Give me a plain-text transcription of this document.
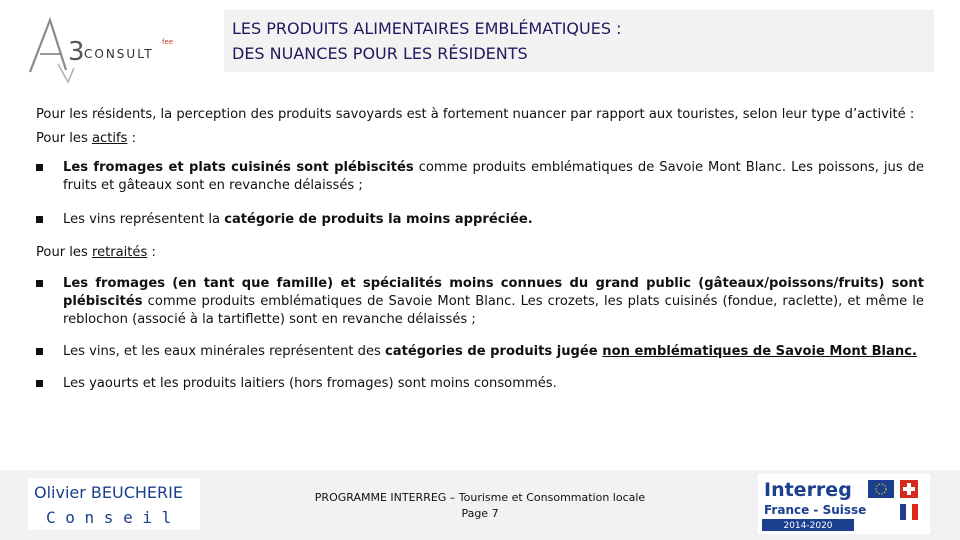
3 CONSULT
fee
LES PRODUITS ALIMENTAIRES EMBLÉMATIQUES :
DES NUANCES POUR LES RÉSIDENTS

Pour les résidents, la perception des produits savoyards est à fortement nuancer par rapport aux touristes, selon leur type d’activité :

Pour les actifs :

Les fromages et plats cuisinés sont plébiscités comme produits emblématiques de Savoie Mont Blanc. Les poissons, jus de fruits et gâteaux sont en revanche délaissés ;
Les vins représentent la catégorie de produits la moins appréciée.

Pour les retraités :

Les fromages (en tant que famille) et spécialités moins connues du grand public (gâteaux/poissons/fruits) sont plébiscités comme produits emblématiques de Savoie Mont Blanc. Les crozets, les plats cuisinés (fondue, raclette), et même le reblochon (associé à la tartiflette) sont en revanche délaissés ;
Les vins, et les eaux minérales représentent des catégories de produits jugée non emblématiques de Savoie Mont Blanc.
Les yaourts et les produits laitiers (hors fromages) sont moins consommés.
Olivier BEUCHERIE
C o n s e i l
PROGRAMME INTERREG – Tourisme et Consommation locale
Page 7
Interreg
France - Suisse
2014-2020
